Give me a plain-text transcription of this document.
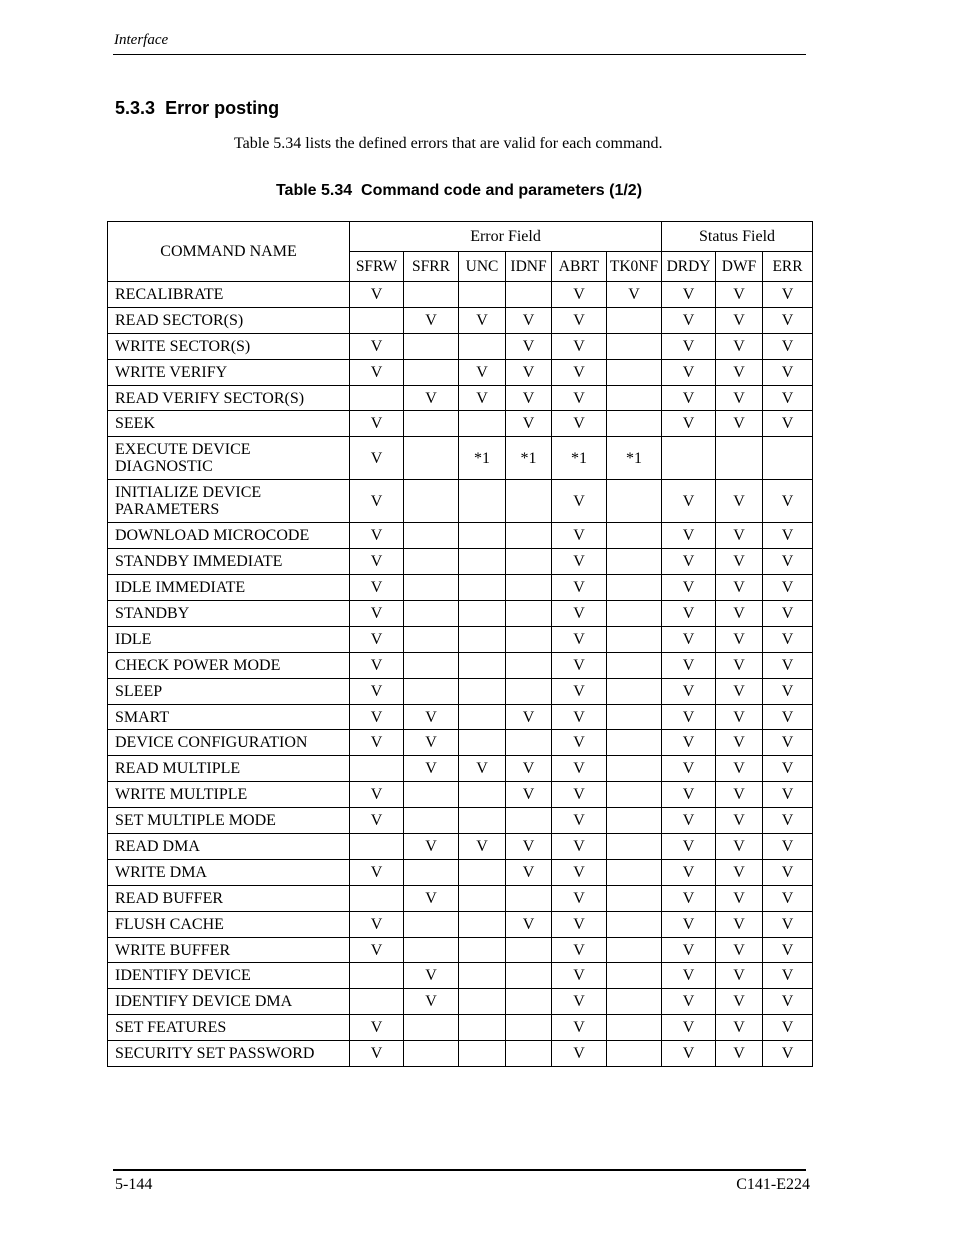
Interface
5.3.3 Error posting
Table 5.34 lists the defined errors that are valid for each command.
Table 5.34  Command code and parameters (1/2)
COMMAND NAME	Error Field						Status Field		
	SFRW	SFRR	UNC	IDNF	ABRT	TK0NF	DRDY	DWF	ERR
RECALIBRATE	V				V	V	V	V	V
READ SECTOR(S)		V	V	V	V		V	V	V
WRITE SECTOR(S)	V			V	V		V	V	V
WRITE VERIFY	V		V	V	V		V	V	V
READ VERIFY SECTOR(S)		V	V	V	V		V	V	V
SEEK	V			V	V		V	V	V
EXECUTE DEVICE DIAGNOSTIC	V		*1	*1	*1	*1			
INITIALIZE DEVICE PARAMETERS	V				V		V	V	V
DOWNLOAD MICROCODE	V				V		V	V	V
STANDBY IMMEDIATE	V				V		V	V	V
IDLE IMMEDIATE	V				V		V	V	V
STANDBY	V				V		V	V	V
IDLE	V				V		V	V	V
CHECK POWER MODE	V				V		V	V	V
SLEEP	V				V		V	V	V
SMART	V	V		V	V		V	V	V
DEVICE CONFIGURATION	V	V			V		V	V	V
READ MULTIPLE		V	V	V	V		V	V	V
WRITE MULTIPLE	V			V	V		V	V	V
SET MULTIPLE MODE	V				V		V	V	V
READ DMA		V	V	V	V		V	V	V
WRITE DMA	V			V	V		V	V	V
READ BUFFER		V			V		V	V	V
FLUSH CACHE	V			V	V		V	V	V
WRITE BUFFER	V				V		V	V	V
IDENTIFY DEVICE		V			V		V	V	V
IDENTIFY DEVICE DMA		V			V		V	V	V
SET FEATURES	V				V		V	V	V
SECURITY SET PASSWORD	V				V		V	V	V
5-144	C141-E224
